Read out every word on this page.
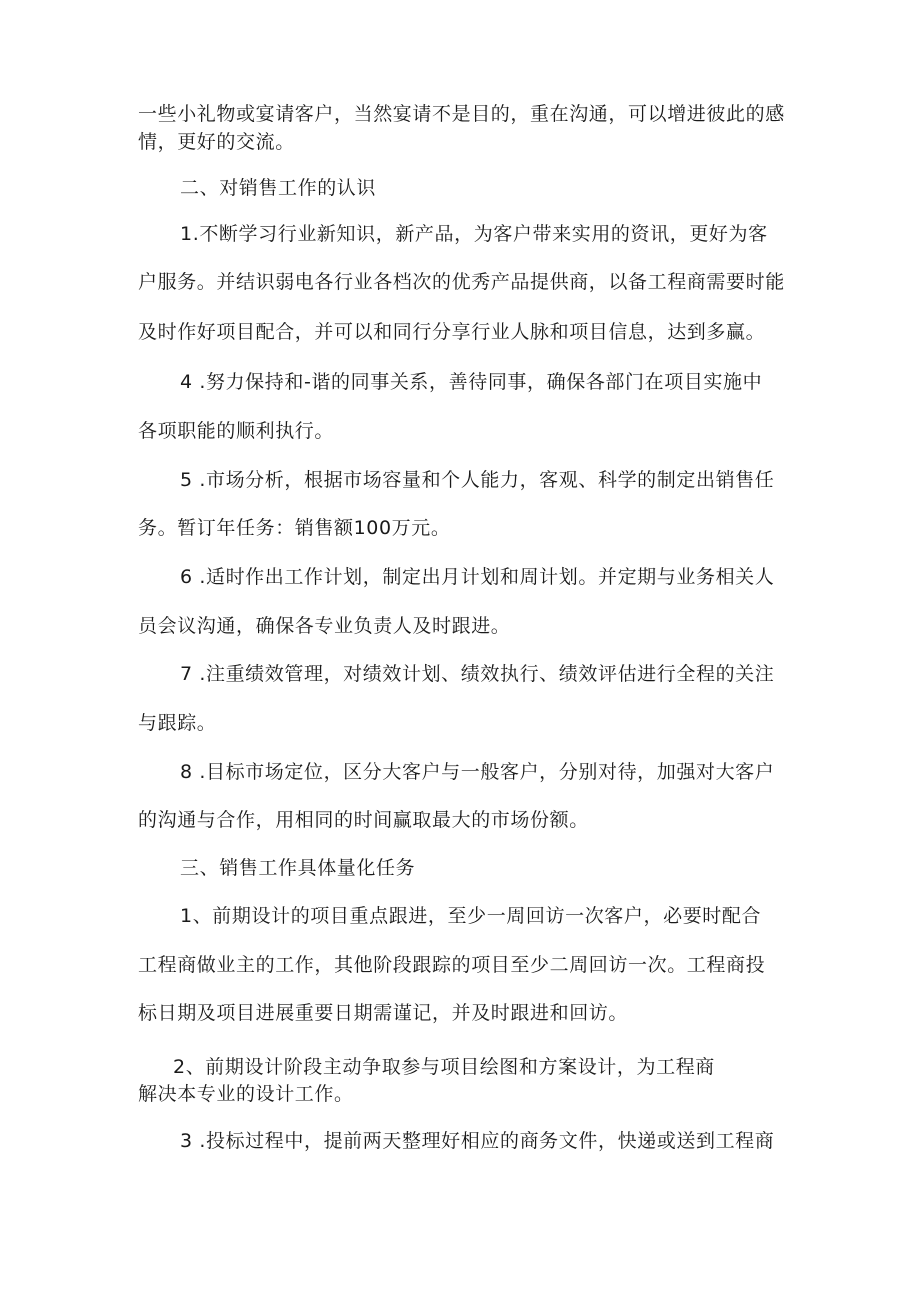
一些小礼物或宴请客户，当然宴请不是目的，重在沟通，可以增进彼此的感
情，更好的交流。
二、对销售工作的认识
1.不断学习行业新知识，新产品，为客户带来实用的资讯，更好为客
户服务。并结识弱电各行业各档次的优秀产品提供商，以备工程商需要时能
及时作好项目配合，并可以和同行分享行业人脉和项目信息，达到多赢。
4 .努力保持和-谐的同事关系，善待同事，确保各部门在项目实施中
各项职能的顺利执行。
5 .市场分析，根据市场容量和个人能力，客观、科学的制定出销售任
务。暂订年任务：销售额100万元。
6 .适时作出工作计划，制定出月计划和周计划。并定期与业务相关人
员会议沟通，确保各专业负责人及时跟进。
7 .注重绩效管理，对绩效计划、绩效执行、绩效评估进行全程的关注
与跟踪。
8 .目标市场定位，区分大客户与一般客户，分别对待，加强对大客户
的沟通与合作，用相同的时间赢取最大的市场份额。
三、销售工作具体量化任务
1、前期设计的项目重点跟进，至少一周回访一次客户，必要时配合
工程商做业主的工作，其他阶段跟踪的项目至少二周回访一次。工程商投
标日期及项目进展重要日期需谨记，并及时跟进和回访。
2、前期设计阶段主动争取参与项目绘图和方案设计，为工程商
解决本专业的设计工作。
3 .投标过程中，提前两天整理好相应的商务文件，快递或送到工程商
